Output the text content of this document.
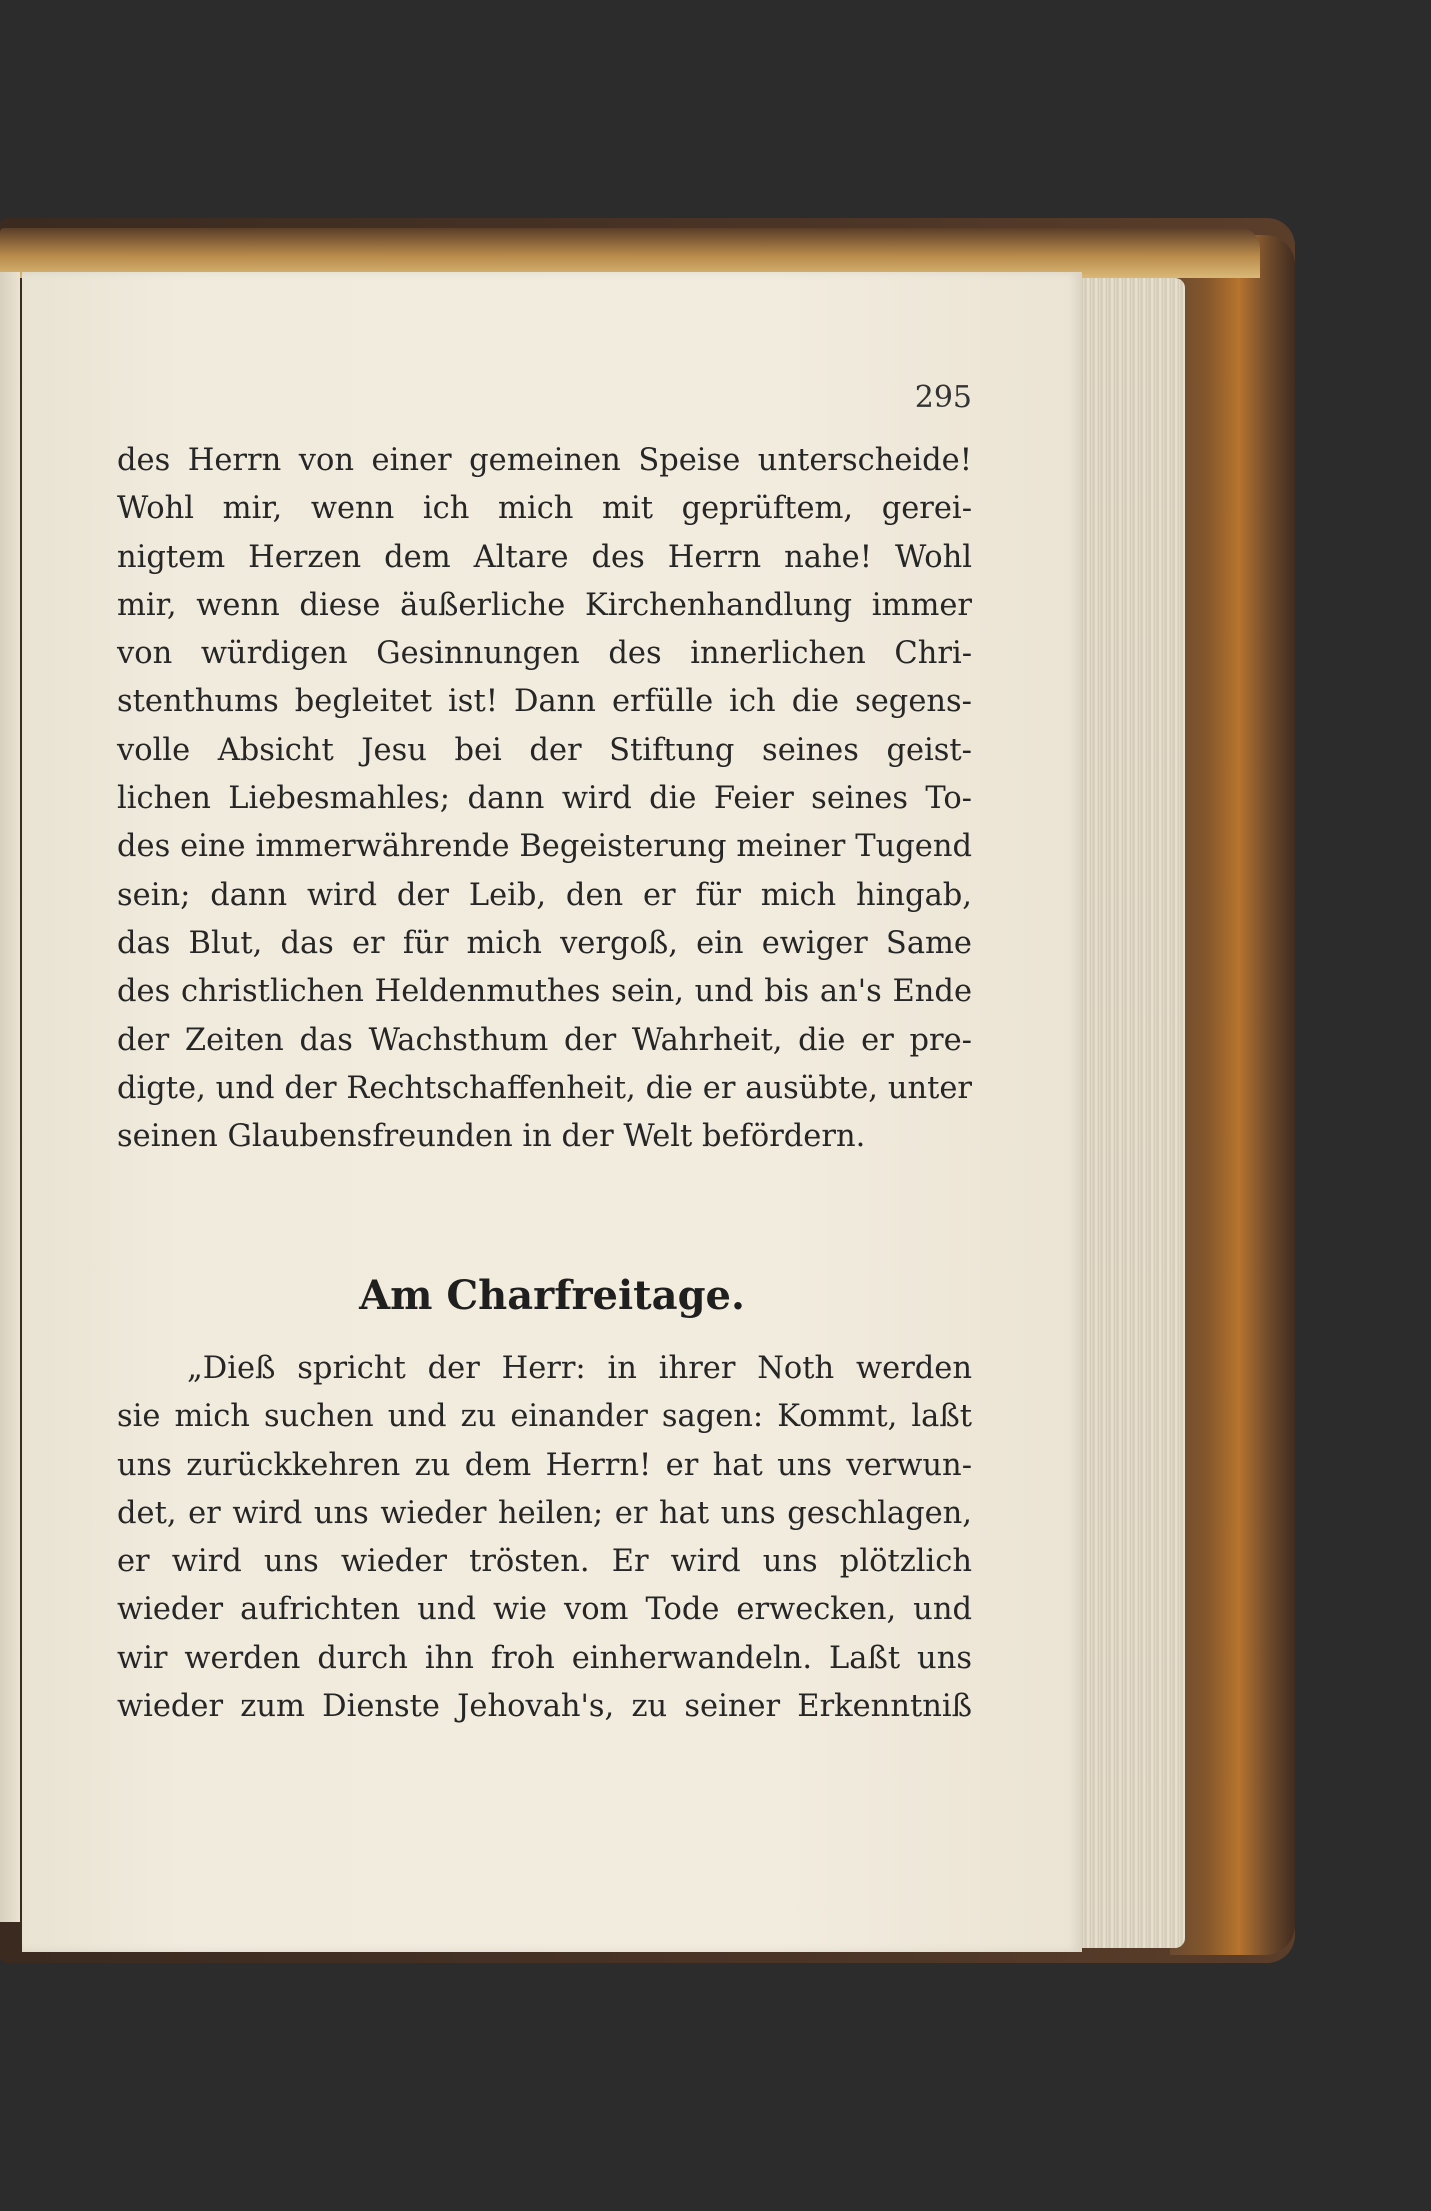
295
des Herrn von einer gemeinen Speise unterscheide!
Wohl mir, wenn ich mich mit geprüftem, gerei-
nigtem Herzen dem Altare des Herrn nahe! Wohl
mir, wenn diese äußerliche Kirchenhandlung immer
von würdigen Gesinnungen des innerlichen Chri-
stenthums begleitet ist! Dann erfülle ich die segens-
volle Absicht Jesu bei der Stiftung seines geist-
lichen Liebesmahles; dann wird die Feier seines To-
des eine immerwährende Begeisterung meiner Tugend
sein; dann wird der Leib, den er für mich hingab,
das Blut, das er für mich vergoß, ein ewiger Same
des christlichen Heldenmuthes sein, und bis an's Ende
der Zeiten das Wachsthum der Wahrheit, die er pre-
digte, und der Rechtschaffenheit, die er ausübte, unter
seinen Glaubensfreunden in der Welt befördern.
Am Charfreitage.
„Dieß spricht der Herr: in ihrer Noth werden
sie mich suchen und zu einander sagen: Kommt, laßt
uns zurückkehren zu dem Herrn! er hat uns verwun-
det, er wird uns wieder heilen; er hat uns geschlagen,
er wird uns wieder trösten. Er wird uns plötzlich
wieder aufrichten und wie vom Tode erwecken, und
wir werden durch ihn froh einherwandeln. Laßt uns
wieder zum Dienste Jehovah's, zu seiner Erkenntniß
